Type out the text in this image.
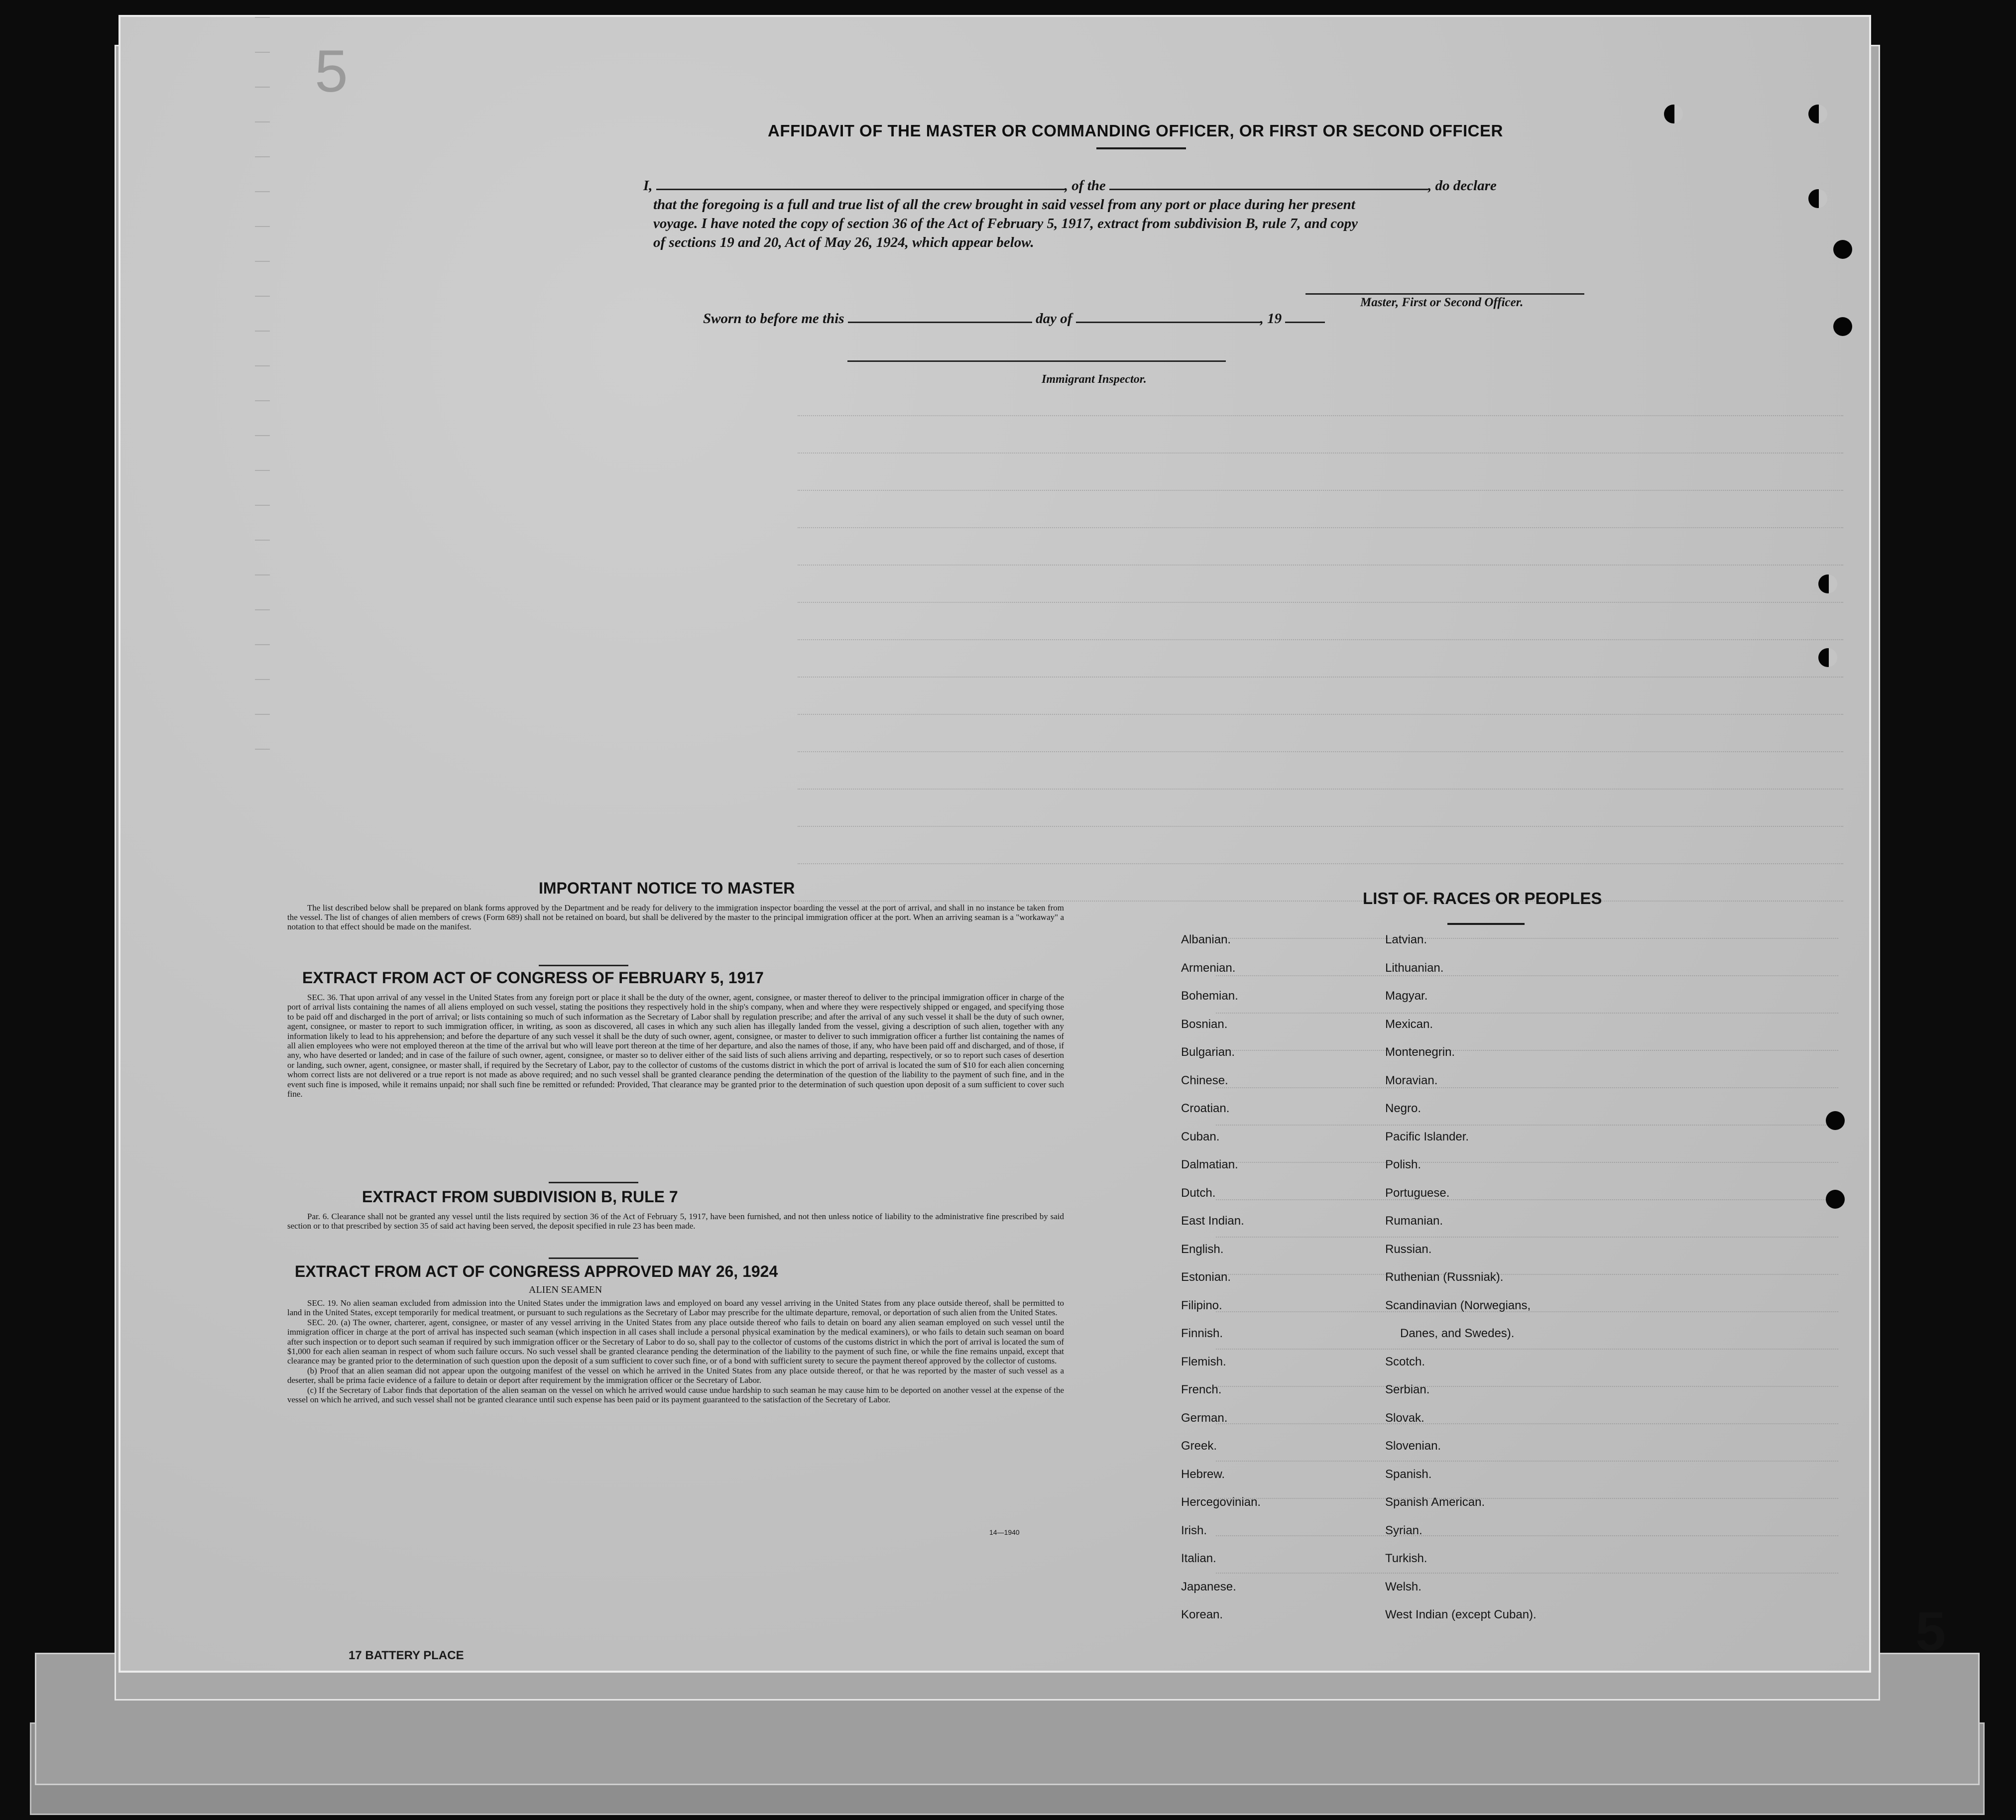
5
AFFIDAVIT OF THE MASTER OR COMMANDING OFFICER, OR FIRST OR SECOND OFFICER
I,	, of the	, do declare
that the foregoing is a full and true list of all the crew brought in said vessel from any port or place during her present
voyage. I have noted the copy of section 36 of the Act of February 5, 1917, extract from subdivision B, rule 7, and copy
of sections 19 and 20, Act of May 26, 1924, which appear below.
Master, First or Second Officer.
Sworn to before me this	day of	, 19
Immigrant Inspector.
IMPORTANT NOTICE TO MASTER
The list described below shall be prepared on blank forms approved by the Department and be ready for delivery to the immigration inspector boarding the vessel at the port of arrival, and shall in no instance be taken from the vessel. The list of changes of alien members of crews (Form 689) shall not be retained on board, but shall be delivered by the master to the principal immigration officer at the port. When an arriving seaman is a "workaway" a notation to that effect should be made on the manifest.
EXTRACT FROM ACT OF CONGRESS OF FEBRUARY 5, 1917
SEC. 36. That upon arrival of any vessel in the United States from any foreign port or place it shall be the duty of the owner, agent, consignee, or master thereof to deliver to the principal immigration officer in charge of the port of arrival lists containing the names of all aliens employed on such vessel, stating the positions they respectively hold in the ship's company, when and where they were respectively shipped or engaged, and specifying those to be paid off and discharged in the port of arrival; or lists containing so much of such information as the Secretary of Labor shall by regulation prescribe; and after the arrival of any such vessel it shall be the duty of such owner, agent, consignee, or master to report to such immigration officer, in writing, as soon as discovered, all cases in which any such alien has illegally landed from the vessel, giving a description of such alien, together with any information likely to lead to his apprehension; and before the departure of any such vessel it shall be the duty of such owner, agent, consignee, or master to deliver to such immigration officer a further list containing the names of all alien employees who were not employed thereon at the time of the arrival but who will leave port thereon at the time of her departure, and also the names of those, if any, who have been paid off and discharged, and of those, if any, who have deserted or landed; and in case of the failure of such owner, agent, consignee, or master so to deliver either of the said lists of such aliens arriving and departing, respectively, or so to report such cases of desertion or landing, such owner, agent, consignee, or master shall, if required by the Secretary of Labor, pay to the collector of customs of the customs district in which the port of arrival is located the sum of $10 for each alien concerning whom correct lists are not delivered or a true report is not made as above required; and no such vessel shall be granted clearance pending the determination of the question of the liability to the payment of such fine, and in the event such fine is imposed, while it remains unpaid; nor shall such fine be remitted or refunded: Provided, That clearance may be granted prior to the determination of such question upon deposit of a sum sufficient to cover such fine.
EXTRACT FROM SUBDIVISION B, RULE 7
Par. 6. Clearance shall not be granted any vessel until the lists required by section 36 of the Act of February 5, 1917, have been furnished, and not then unless notice of liability to the administrative fine prescribed by said section or to that prescribed by section 35 of said act having been served, the deposit specified in rule 23 has been made.
EXTRACT FROM ACT OF CONGRESS APPROVED MAY 26, 1924
ALIEN SEAMEN

SEC. 19. No alien seaman excluded from admission into the United States under the immigration laws and employed on board any vessel arriving in the United States from any place outside thereof, shall be permitted to land in the United States, except temporarily for medical treatment, or pursuant to such regulations as the Secretary of Labor may prescribe for the ultimate departure, removal, or deportation of such alien from the United States.

SEC. 20. (a) The owner, charterer, agent, consignee, or master of any vessel arriving in the United States from any place outside thereof who fails to detain on board any alien seaman employed on such vessel until the immigration officer in charge at the port of arrival has inspected such seaman (which inspection in all cases shall include a personal physical examination by the medical examiners), or who fails to detain such seaman on board after such inspection or to deport such seaman if required by such immigration officer or the Secretary of Labor to do so, shall pay to the collector of customs of the customs district in which the port of arrival is located the sum of $1,000 for each alien seaman in respect of whom such failure occurs. No such vessel shall be granted clearance pending the determination of the liability to the payment of such fine, or while the fine remains unpaid, except that clearance may be granted prior to the determination of such question upon the deposit of a sum sufficient to cover such fine, or of a bond with sufficient surety to secure the payment thereof approved by the collector of customs.

(b) Proof that an alien seaman did not appear upon the outgoing manifest of the vessel on which he arrived in the United States from any place outside thereof, or that he was reported by the master of such vessel as a deserter, shall be prima facie evidence of a failure to detain or deport after requirement by the immigration officer or the Secretary of Labor.

(c) If the Secretary of Labor finds that deportation of the alien seaman on the vessel on which he arrived would cause undue hardship to such seaman he may cause him to be deported on another vessel at the expense of the vessel on which he arrived, and such vessel shall not be granted clearance until such expense has been paid or its payment guaranteed to the satisfaction of the Secretary of Labor.

14—1940
LIST OF. RACES OR PEOPLES
Albanian.
Armenian.
Bohemian.
Bosnian.
Bulgarian.
Chinese.
Croatian.
Cuban.
Dalmatian.
Dutch.
East Indian.
English.
Estonian.
Filipino.
Finnish.
Flemish.
French.
German.
Greek.
Hebrew.
Hercegovinian.
Irish.
Italian.
Japanese.
Korean.
Latvian.
Lithuanian.
Magyar.
Mexican.
Montenegrin.
Moravian.
Negro.
Pacific Islander.
Polish.
Portuguese.
Rumanian.
Russian.
Ruthenian (Russniak).
Scandinavian (Norwegians,
Danes, and Swedes).
Scotch.
Serbian.
Slovak.
Slovenian.
Spanish.
Spanish American.
Syrian.
Turkish.
Welsh.
West Indian (except Cuban).	5
17 BATTERY PLACE
